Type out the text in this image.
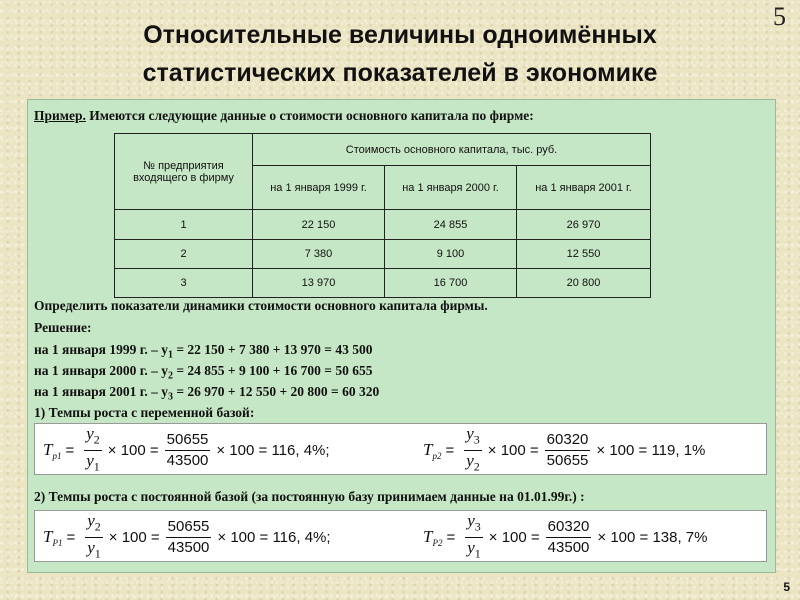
5
Относительные величины одноимённых
статистических показателей в экономике
Пример. Имеются следующие данные о стоимости основного капитала по фирме:
№ предприятия входящего в фирму	Стоимость основного капитала, тыс. руб.		
	на 1 января 1999 г.	на 1 января 2000 г.	на 1 января 2001 г.
1	22 150	24 855	26 970
2	7 380	9 100	12 550
3	13 970	16 700	20 800
Определить показатели динамики стоимости основного капитала фирмы.
Решение:
на 1 января 1999 г. – $y_1 = 22$ 150 + 7 380 + 13 970 = 43 500
на 1 января 2000 г. – $y_2 = 24$ 855 + 9 100 + 16 700 = 50 655
на 1 января 2001 г. – $y_3 = 26$ 970 + 12 550 + 20 800 = 60 320
1) Темпы роста с переменной базой:
T $p1 = \frac{y_2}{y_1} \times 100 = \frac{50655}{43500} \times 100 = 116$, 4%;	T $p2 = \frac{y_3}{y_2} \times 100 = \frac{60320}{50655} \times 100 = 119$, 1%
2) Темпы роста с постоянной базой (за постоянную базу принимаем данные на 01.01.99г.) :
T $P1 = \frac{y_2}{y_1} \times 100 = \frac{50655}{43500} \times 100 = 116$, 4%;	T $P2 = \frac{y_3}{y_1} \times 100 = \frac{60320}{43500} \times 100 = 138$, 7%
5
